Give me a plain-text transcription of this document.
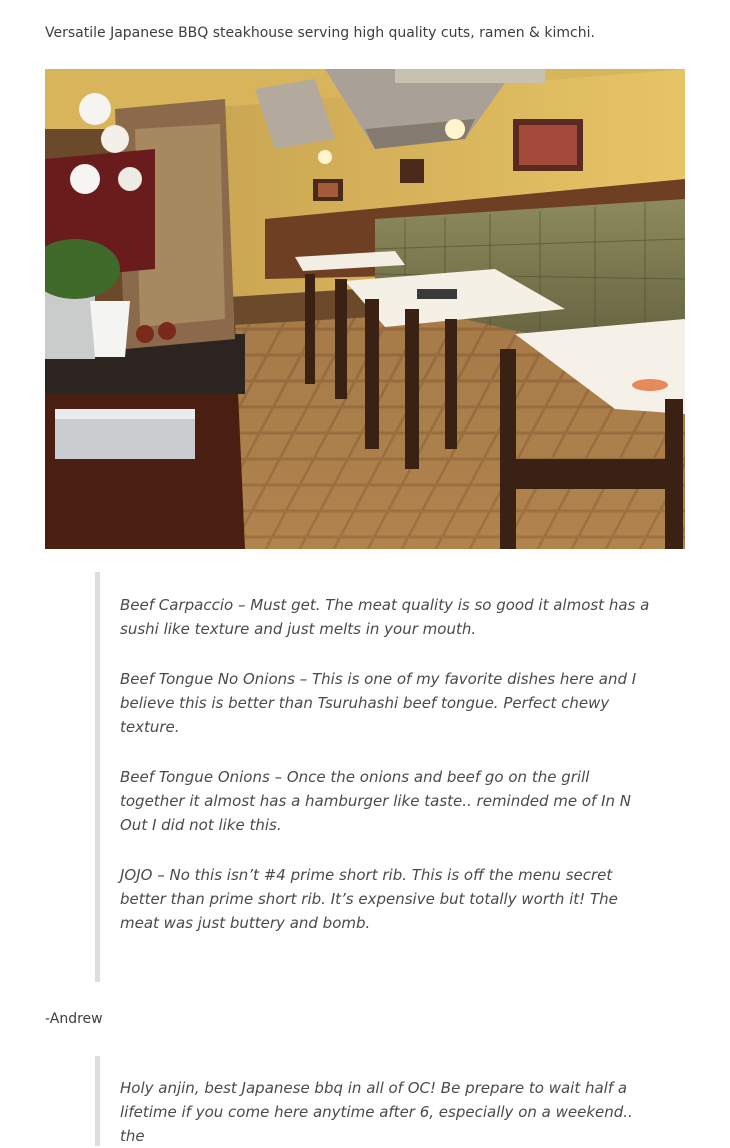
Versatile Japanese BBQ steakhouse serving high quality cuts, ramen & kimchi.

Beef Carpaccio – Must get. The meat quality is so good it almost has a sushi like texture and just melts in your mouth.

Beef Tongue No Onions – This is one of my favorite dishes here and I believe this is better than Tsuruhashi beef tongue. Perfect chewy texture.

Beef Tongue Onions – Once the onions and beef go on the grill together it almost has a hamburger like taste.. reminded me of In N Out I did not like this.

JOJO – No this isn’t #4 prime short rib. This is off the menu secret better than prime short rib. It’s expensive but totally worth it! The meat was just buttery and bomb.

-Andrew

Holy anjin, best Japanese bbq in all of OC! Be prepare to wait half a lifetime if you come here anytime after 6, especially on a weekend.. the
